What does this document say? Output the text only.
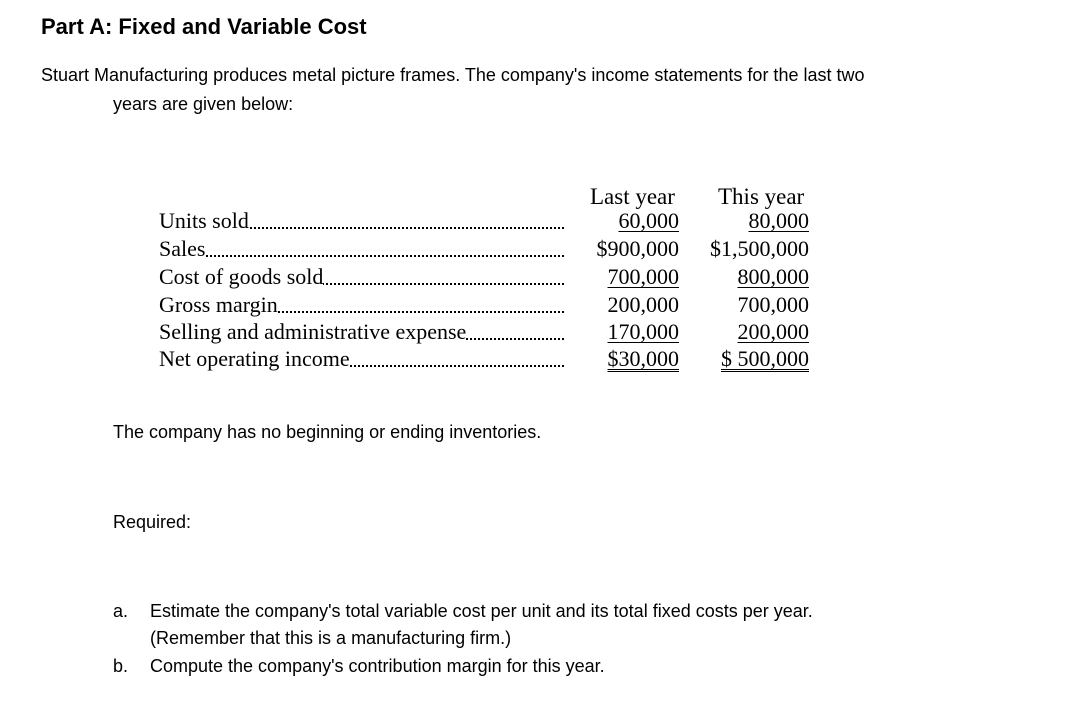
Part A: Fixed and Variable Cost
Stuart Manufacturing produces metal picture frames. The company's income statements for the last two
years are given below:
Last year This year
Units sold	60,000	80,000
Sales	$900,000 $1,500,000
Cost of goods sold	700,000	800,000
Gross margin	200,000	700,000
Selling and administrative expense	170,000	200,000
Net operating income	$30,000 $ 500,000
The company has no beginning or ending inventories.
Required:
a. Estimate the company's total variable cost per unit and its total fixed costs per year.
(Remember that this is a manufacturing firm.)
b. Compute the company's contribution margin for this year.
